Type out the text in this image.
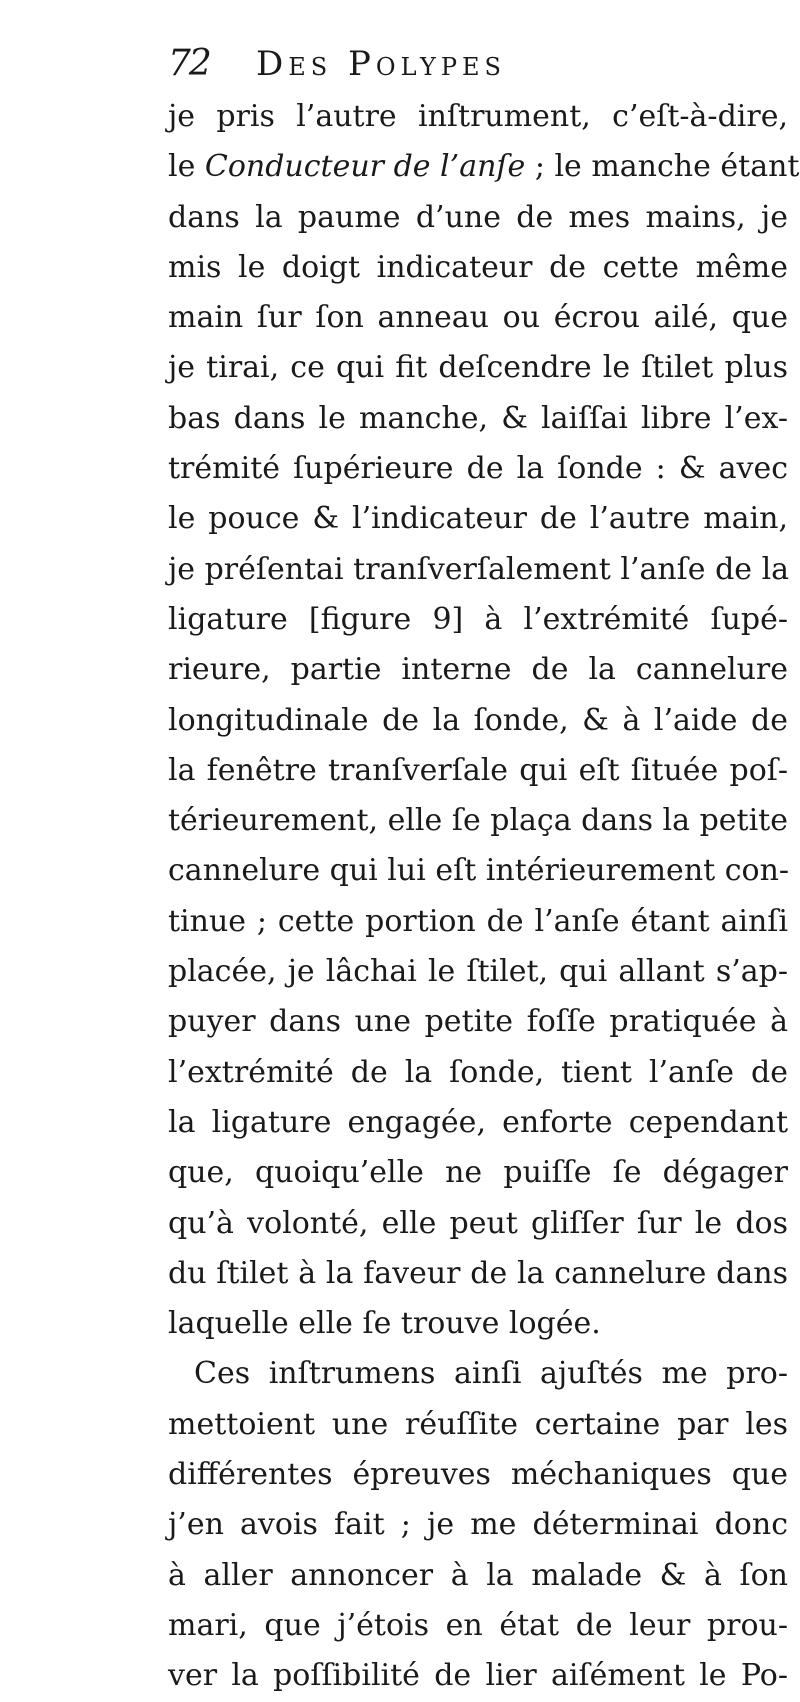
72 Des Polypes
je pris l’autre inſtrument, c’eſt-à-dire,
le Conducteur de l’anſe ; le manche étant
dans la paume d’une de mes mains, je
mis le doigt indicateur de cette même
main ſur ſon anneau ou écrou ailé, que
je tirai, ce qui fit deſcendre le ſtilet plus
bas dans le manche, & laiſſai libre l’ex-
trémité ſupérieure de la ſonde : & avec
le pouce & l’indicateur de l’autre main,
je préſentai tranſverſalement l’anſe de la
ligature [figure 9] à l’extrémité ſupé-
rieure, partie interne de la cannelure
longitudinale de la ſonde, & à l’aide de
la fenêtre tranſverſale qui eſt ſituée poſ-
térieurement, elle ſe plaça dans la petite
cannelure qui lui eſt intérieurement con-
tinue ; cette portion de l’anſe étant ainſi
placée, je lâchai le ſtilet, qui allant s’ap-
puyer dans une petite foſſe pratiquée à
l’extrémité de la ſonde, tient l’anſe de
la ligature engagée, enforte cependant
que, quoiqu’elle ne puiſſe ſe dégager
qu’à volonté, elle peut gliſſer ſur le dos
du ſtilet à la faveur de la cannelure dans
laquelle elle ſe trouve logée.
Ces inſtrumens ainſi ajuſtés me pro-
mettoient une réuſſite certaine par les
différentes épreuves méchaniques que
j’en avois fait ; je me déterminai donc
à aller annoncer à la malade & à ſon
mari, que j’étois en état de leur prou-
ver la poſſibilité de lier aiſément le Po-
